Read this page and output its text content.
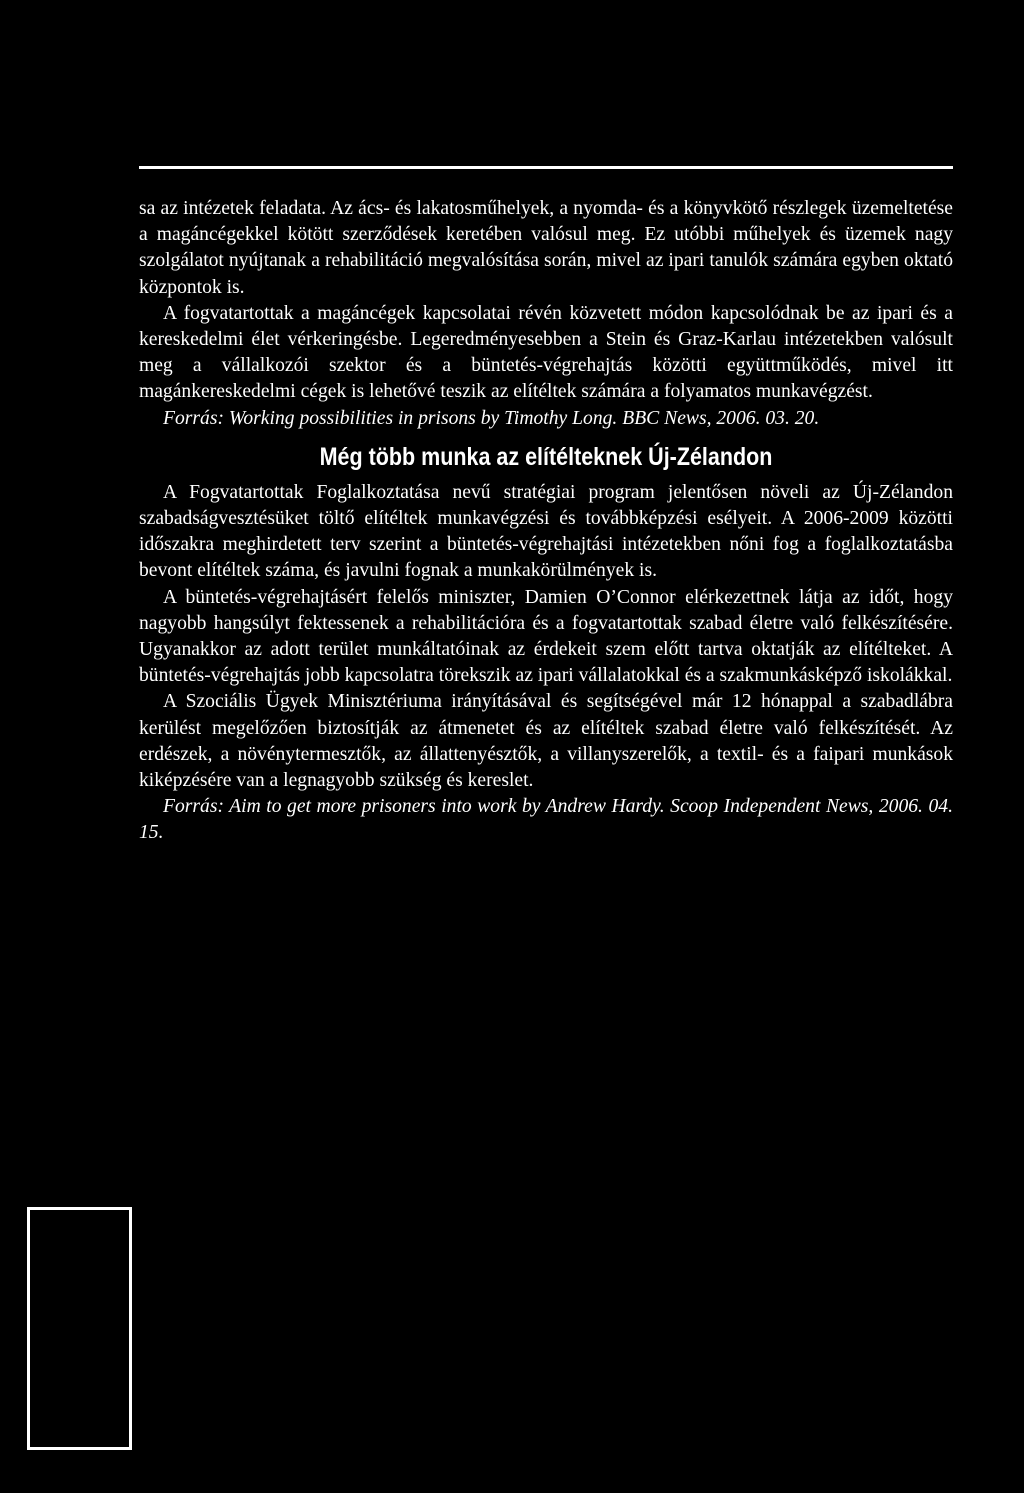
sa az intézetek feladata. Az ács- és lakatosműhelyek, a nyomda- és a könyvkötő részlegek üzemeltetése a magáncégekkel kötött szerződések keretében valósul meg. Ez utóbbi műhelyek és üzemek nagy szolgálatot nyújtanak a rehabilitáció megvalósítása során, mivel az ipari tanulók számára egyben oktató központok is.

A fogvatartottak a magáncégek kapcsolatai révén közvetett módon kapcsolódnak be az ipari és a kereskedelmi élet vérkeringésbe. Legeredményesebben a Stein és Graz-Karlau intézetekben valósult meg a vállalkozói szektor és a büntetés-végrehajtás közötti együttműködés, mivel itt magánkereskedelmi cégek is lehetővé teszik az elítéltek számára a folyamatos munkavégzést.

Forrás: Working possibilities in prisons by Timothy Long. BBC News, 2006. 03. 20.

Még több munka az elítélteknek Új-Zélandon

A Fogvatartottak Foglalkoztatása nevű stratégiai program jelentősen növeli az Új-Zélandon szabadságvesztésüket töltő elítéltek munkavégzési és továbbképzési esélyeit. A 2006-2009 közötti időszakra meghirdetett terv szerint a büntetés-végrehajtási intézetekben nőni fog a foglalkoztatásba bevont elítéltek száma, és javulni fognak a munkakörülmények is.

A büntetés-végrehajtásért felelős miniszter, Damien O’Connor elérkezettnek látja az időt, hogy nagyobb hangsúlyt fektessenek a rehabilitációra és a fogvatartottak szabad életre való felkészítésére. Ugyanakkor az adott terület munkáltatóinak az érdekeit szem előtt tartva oktatják az elítélteket. A büntetés-végrehajtás jobb kapcsolatra törekszik az ipari vállalatokkal és a szakmunkásképző iskolákkal.

A Szociális Ügyek Minisztériuma irányításával és segítségével már 12 hónappal a szabadlábra kerülést megelőzően biztosítják az átmenetet és az elítéltek szabad életre való felkészítését. Az erdészek, a növénytermesztők, az állattenyésztők, a villanyszerelők, a textil- és a faipari munkások kiképzésére van a legnagyobb szükség és kereslet.

Forrás: Aim to get more prisoners into work by Andrew Hardy. Scoop Independent News, 2006. 04. 15.
